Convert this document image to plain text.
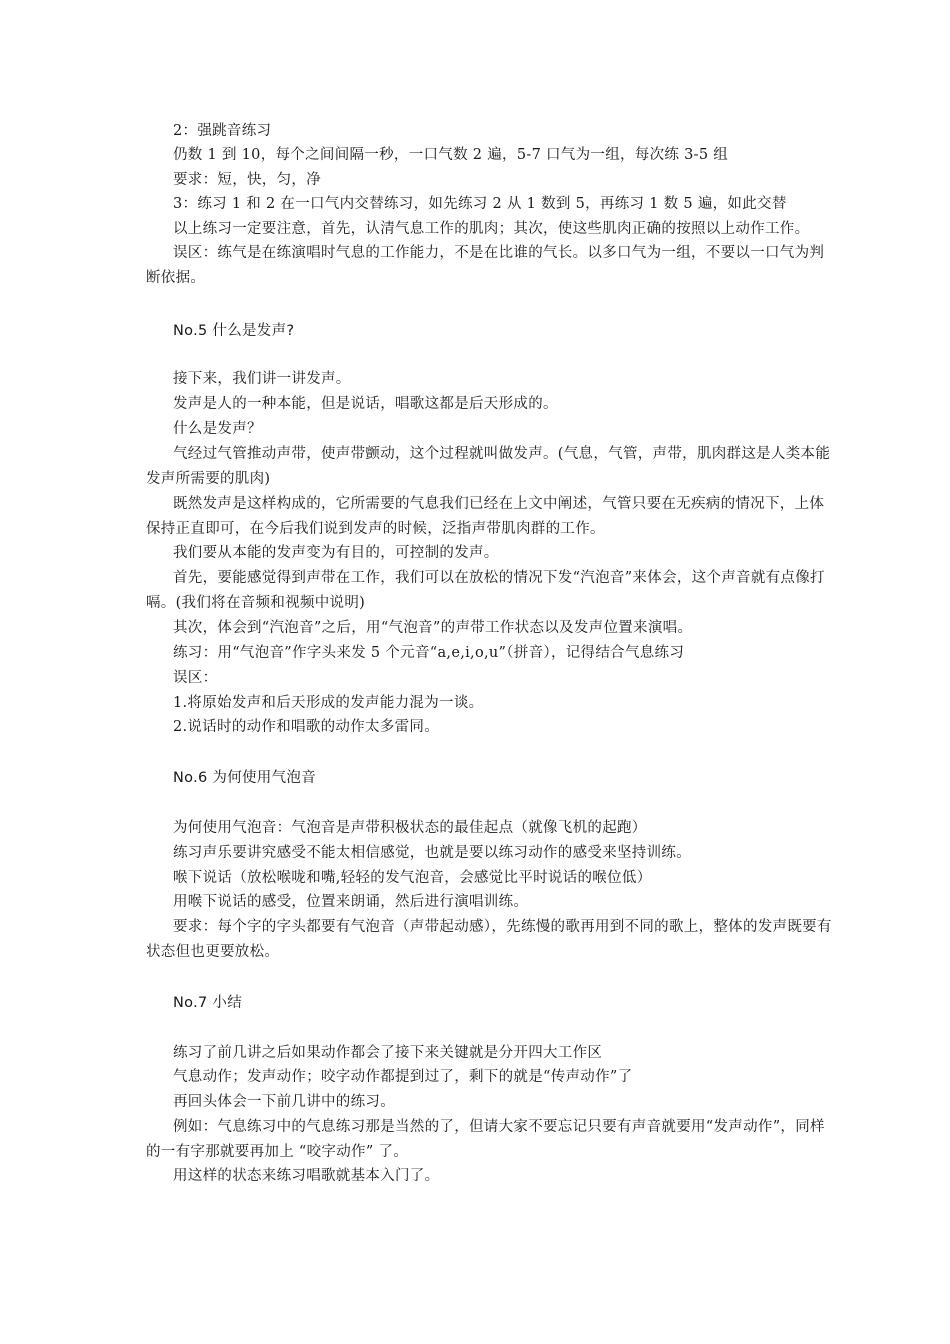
2：强跳音练习
仍数 1 到 10，每个之间间隔一秒，一口气数 2 遍，5-7 口气为一组，每次练 3-5 组
要求：短，快，匀，净
3：练习 1 和 2 在一口气内交替练习，如先练习 2 从 1 数到 5，再练习 1 数 5 遍，如此交替
以上练习一定要注意，首先，认清气息工作的肌肉；其次，使这些肌肉正确的按照以上动作工作。
误区：练气是在练演唱时气息的工作能力，不是在比谁的气长。以多口气为一组，不要以一口气为判
断依据。
No.5 什么是发声?
接下来，我们讲一讲发声。
发声是人的一种本能，但是说话，唱歌这都是后天形成的。
什么是发声？
气经过气管推动声带，使声带颤动，这个过程就叫做发声。(气息，气管，声带，肌肉群这是人类本能
发声所需要的肌肉)
既然发声是这样构成的，它所需要的气息我们已经在上文中阐述，气管只要在无疾病的情况下，上体
保持正直即可，在今后我们说到发声的时候，泛指声带肌肉群的工作。
我们要从本能的发声变为有目的，可控制的发声。
首先，要能感觉得到声带在工作，我们可以在放松的情况下发“汽泡音”来体会，这个声音就有点像打
嗝。(我们将在音频和视频中说明)
其次，体会到“汽泡音”之后，用“气泡音”的声带工作状态以及发声位置来演唱。
练习：用“气泡音”作字头来发 5 个元音“a,e,i,o,u”（拼音），记得结合气息练习
误区：
1.将原始发声和后天形成的发声能力混为一谈。
2.说话时的动作和唱歌的动作太多雷同。
No.6 为何使用气泡音
为何使用气泡音：气泡音是声带积极状态的最佳起点（就像飞机的起跑）
练习声乐要讲究感受不能太相信感觉，也就是要以练习动作的感受来坚持训练。
喉下说话（放松喉咙和嘴,轻轻的发气泡音，会感觉比平时说话的喉位低）
用喉下说话的感受，位置来朗诵，然后进行演唱训练。
要求：每个字的字头都要有气泡音（声带起动感），先练慢的歌再用到不同的歌上，整体的发声既要有
状态但也更要放松。
No.7 小结
练习了前几讲之后如果动作都会了接下来关键就是分开四大工作区
气息动作；发声动作；咬字动作都提到过了，剩下的就是“传声动作”了
再回头体会一下前几讲中的练习。
例如：气息练习中的气息练习那是当然的了，但请大家不要忘记只要有声音就要用“发声动作”，同样
的一有字那就要再加上 “咬字动作” 了。
用这样的状态来练习唱歌就基本入门了。
